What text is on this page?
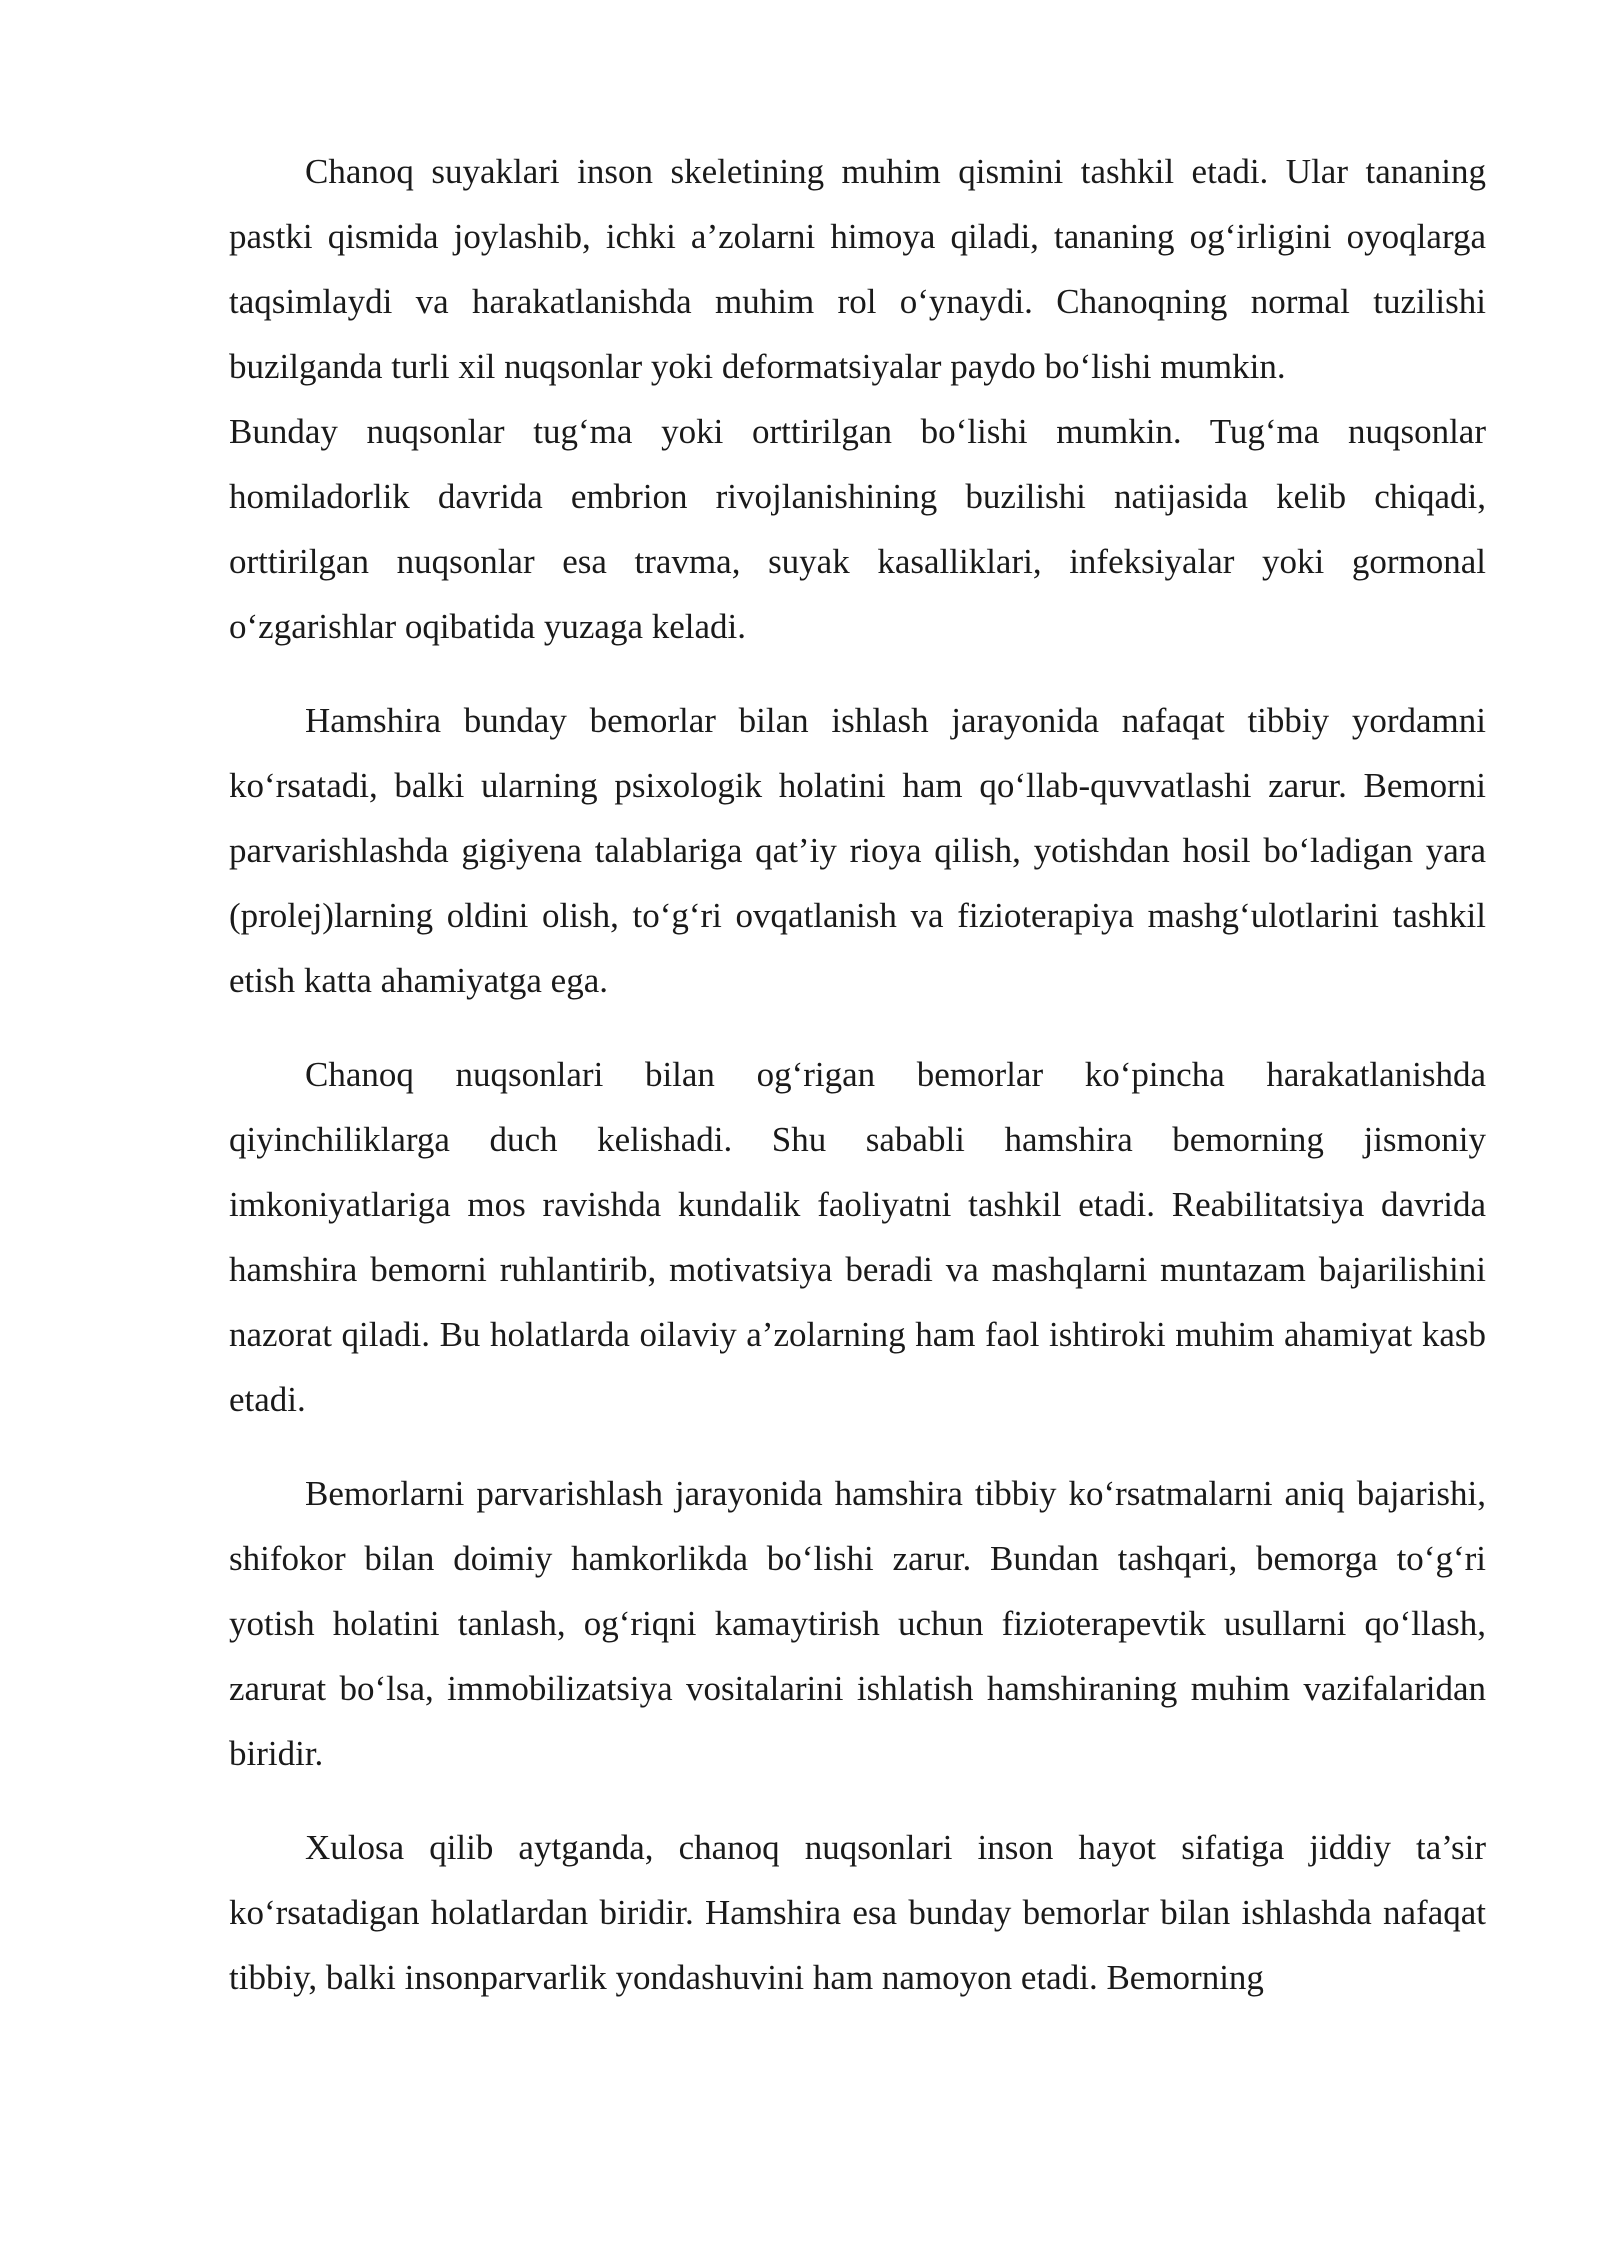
Chanoq suyaklari inson skeletining muhim qismini tashkil etadi. Ular tananing pastki qismida joylashib, ichki a’zolarni himoya qiladi, tananing og‘irligini oyoqlarga taqsimlaydi va harakatlanishda muhim rol o‘ynaydi. Chanoqning normal tuzilishi buzilganda turli xil nuqsonlar yoki deformatsiyalar paydo bo‘lishi mumkin.

Bunday nuqsonlar tug‘ma yoki orttirilgan bo‘lishi mumkin. Tug‘ma nuqsonlar homiladorlik davrida embrion rivojlanishining buzilishi natijasida kelib chiqadi, orttirilgan nuqsonlar esa travma, suyak kasalliklari, infeksiyalar yoki gormonal o‘zgarishlar oqibatida yuzaga keladi.

Hamshira bunday bemorlar bilan ishlash jarayonida nafaqat tibbiy yordamni ko‘rsatadi, balki ularning psixologik holatini ham qo‘llab-quvvatlashi zarur. Bemorni parvarishlashda gigiyena talablariga qat’iy rioya qilish, yotishdan hosil bo‘ladigan yara (prolej)larning oldini olish, to‘g‘ri ovqatlanish va fizioterapiya mashg‘ulotlarini tashkil etish katta ahamiyatga ega.

Chanoq nuqsonlari bilan og‘rigan bemorlar ko‘pincha harakatlanishda qiyinchiliklarga duch kelishadi. Shu sababli hamshira bemorning jismoniy imkoniyatlariga mos ravishda kundalik faoliyatni tashkil etadi. Reabilitatsiya davrida hamshira bemorni ruhlantirib, motivatsiya beradi va mashqlarni muntazam bajarilishini nazorat qiladi. Bu holatlarda oilaviy a’zolarning ham faol ishtiroki muhim ahamiyat kasb etadi.

Bemorlarni parvarishlash jarayonida hamshira tibbiy ko‘rsatmalarni aniq bajarishi, shifokor bilan doimiy hamkorlikda bo‘lishi zarur. Bundan tashqari, bemorga to‘g‘ri yotish holatini tanlash, og‘riqni kamaytirish uchun fizioterapevtik usullarni qo‘llash, zarurat bo‘lsa, immobilizatsiya vositalarini ishlatish hamshiraning muhim vazifalaridan biridir.

Xulosa qilib aytganda, chanoq nuqsonlari inson hayot sifatiga jiddiy ta’sir ko‘rsatadigan holatlardan biridir. Hamshira esa bunday bemorlar bilan ishlashda nafaqat tibbiy, balki insonparvarlik yondashuvini ham namoyon etadi. Bemorning
